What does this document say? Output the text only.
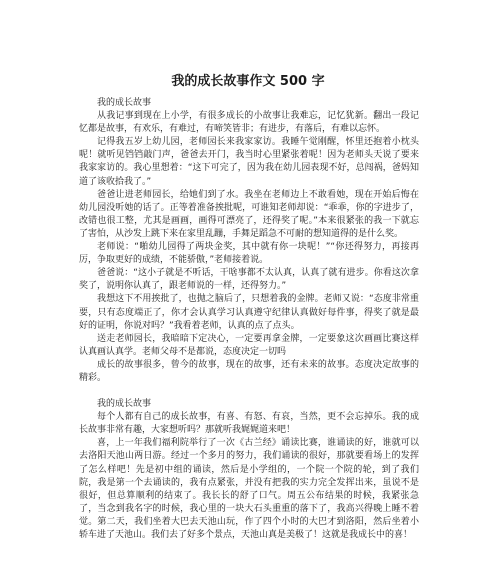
我的成长故事作文 500 字

我的成长故事

从我记事到现在上小学，有很多成长的小故事让我难忘，记忆犹新。翻出一段记忆都是故事，有欢乐，有难过，有啼笑皆非；有进步，有落后，有难以忘怀。

记得我五岁上幼儿园，老师园长来我家家访。我睡午觉刚醒，怀里还抱着小枕头呢！就听见铛铛敲门声，爸爸去开门，我当时心里紧张着呢！因为老师头天说了要来我家家访的。我心里想着：“这下可完了，因为我在幼儿园表现不好，总闯祸，爸妈知道了该收拾我了。”

爸爸让进老师园长，给她们到了水。我坐在老师边上不敢看她，现在开始后悔在幼儿园没听她的话了。正等着准备挨批呢，可谁知老师却说：“乖乖，你的字进步了，改错也很工整，尤其是画画，画得可漂亮了，还得奖了呢。”本来很紧张的我一下就忘了害怕，从沙发上跳下来在家里乱蹦，手舞足蹈急不可耐的想知道得的是什么奖。

老师说：“啪幼儿园得了两块金奖，其中就有你一块呢！”“你还得努力，再接再厉，争取更好的成绩，不能骄傲，”老师接着说。

爸爸说：“这小子就是不听话，干啥事都不太认真，认真了就有进步。你看这次拿奖了，说明你认真了，跟老师说的一样，还得努力。”

我想这下不用挨批了，也抛之脑后了，只想着我的金牌。老师又说：“态度非常重要，只有态度端正了，你才会认真学习认真遵守纪律认真做好每件事，得奖了就是最好的证明，你说对吗？”我看着老师，认真的点了点头。

送走老师园长，我暗暗下定决心，一定要再拿金牌，一定要象这次画画比赛这样认真画认真学。老师父母不是都说，态度决定一切吗

成长的故事很多，曾今的故事，现在的故事，还有未来的故事。态度决定故事的精彩。

我的成长故事

每个人都有自己的成长故事，有喜、有怒、有哀，当然，更不会忘掉乐。我的成长故事非常有趣，大家想听吗？那就听我娓娓道来吧！

喜，上一年我们福利院举行了一次《古兰经》诵读比赛，谁诵读的好，谁就可以去洛阳天池山两日游。经过一个多月的努力，我们诵读的很好，那就要看场上的发挥了怎么样吧！先是初中组的诵读，然后是小学组的，一个院一个院的轮，到了我们院，我是第一个去诵读的，我有点紧张，并没有把我的实力完全发挥出来，虽说不是很好，但总算顺利的结束了。我长长的舒了口气。周五公布结果的时候，我紧张急了，当念到我名字的时候，我心里的一块大石头重重的落下了，我高兴得晚上睡不着觉。第二天，我们坐着大巴去天池山玩，作了四个小时的大巴才到洛阳，然后坐着小轿车进了天池山。我们去了好多个景点，天池山真是美极了！这就是我成长中的喜！
